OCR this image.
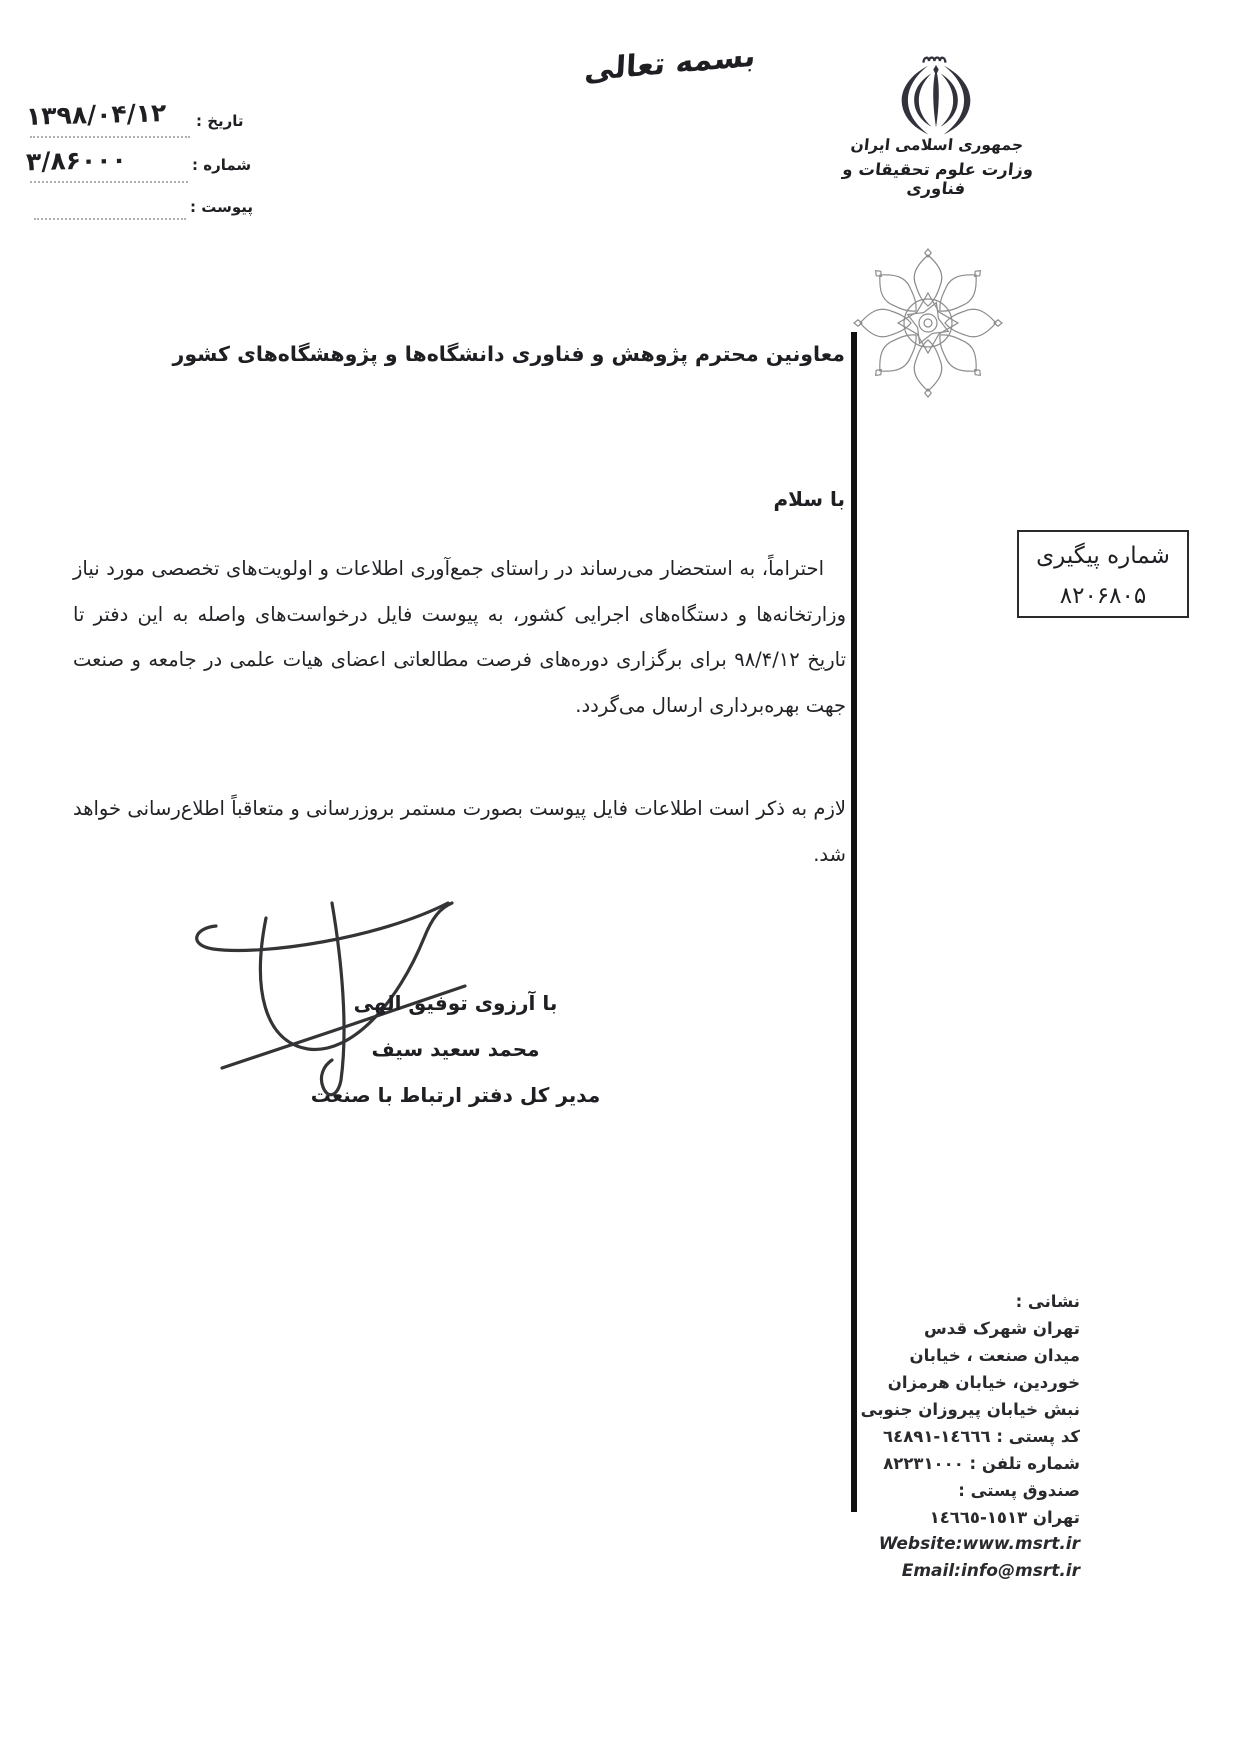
بسمه تعالی
جمهوری اسلامی ایران
وزارت علوم تحقیقات و فناوری
۱۳۹۸/۰۴/۱۲ تاریخ :
۳/۸۶۰۰۰	شماره :
پیوست :
معاونین محترم پژوهش و فناوری دانشگاه‌ها و پژوهشگاه‌های کشور
شماره پیگیری
۸۲۰۶۸۰۵
با سلام
احتراماً، به استحضار می‌رساند در راستای جمع‌آوری اطلاعات و اولویت‌های تخصصی مورد نیاز وزارتخانه‌ها و دستگاه‌های اجرایی کشور، به پیوست فایل درخواست‌های واصله به این دفتر تا تاریخ ۹۸/۴/۱۲ برای برگزاری دوره‌های فرصت مطالعاتی اعضای هیات علمی در جامعه و صنعت جهت بهره‌برداری ارسال می‌گردد.
لازم به ذکر است اطلاعات فایل پیوست بصورت مستمر بروزرسانی و متعاقباً اطلاع‌رسانی خواهد شد.
با آرزوی توفیق الهی
محمد سعید سیف
مدیر کل دفتر ارتباط با صنعت
نشانی :
تهران شهرک قدس
میدان صنعت ، خیابان
خوردین، خیابان هرمزان
نبش خیابان پیروزان جنوبی
کد پستی : ١٤٦٦٦-٦٤٨٩١
شماره تلفن : ۸۲۲۳۱۰۰۰
صندوق پستی :
تهران ١٥١٣-١٤٦٦٥
Website:www.msrt.ir
Email:info@msrt.ir
